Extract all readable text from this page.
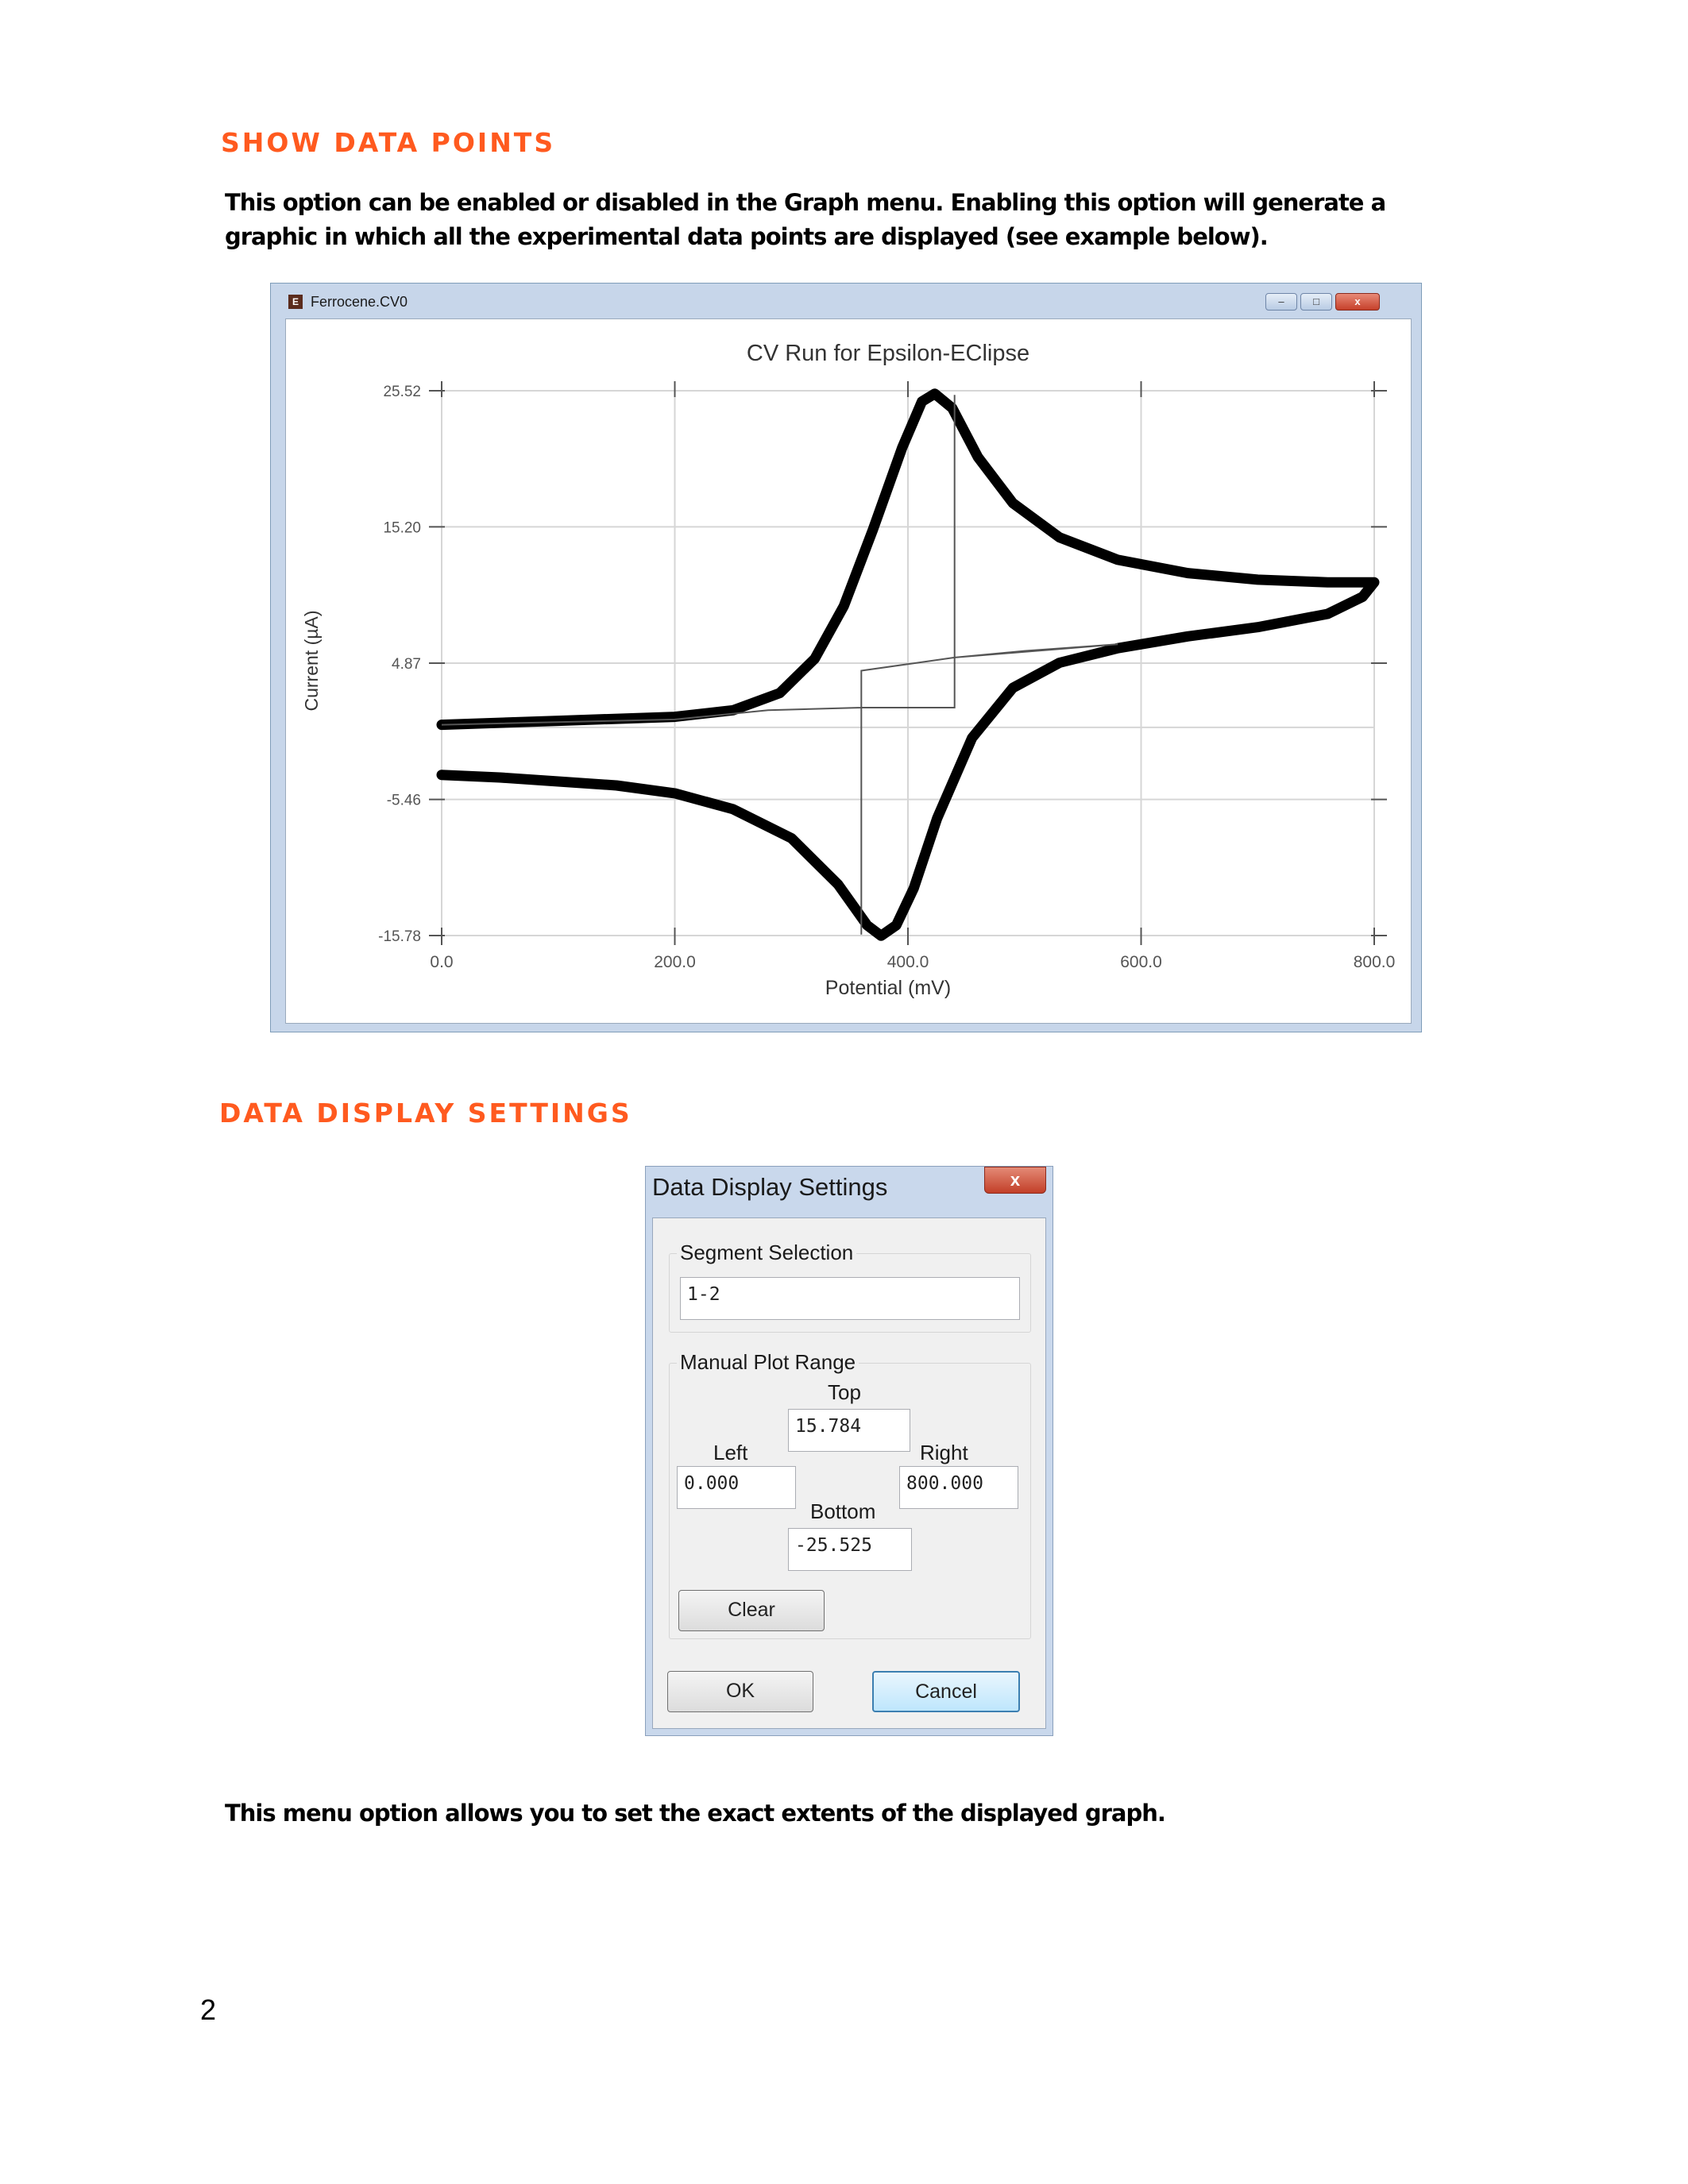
SHOW DATA POINTS
This option can be enabled or disabled in the Graph menu. Enabling this option will generate a
graphic in which all the experimental data points are displayed (see example below).
E Ferrocene.CV0	–	□	x
CV Run for Epsilon-EClipse
Potential (mV)
Current (µA)
0.0	200.0	400.0	600.0	800.0
25.52
15.20
4.87
-5.46
-15.78
DATA DISPLAY SETTINGS
Data Display Settings	x
Segment Selection
1-2
Manual Plot Range
Top
15.784
Left
0.000
Right
800.000
Bottom
-25.525
Clear
OK	Cancel
This menu option allows you to set the exact extents of the displayed graph.
2
